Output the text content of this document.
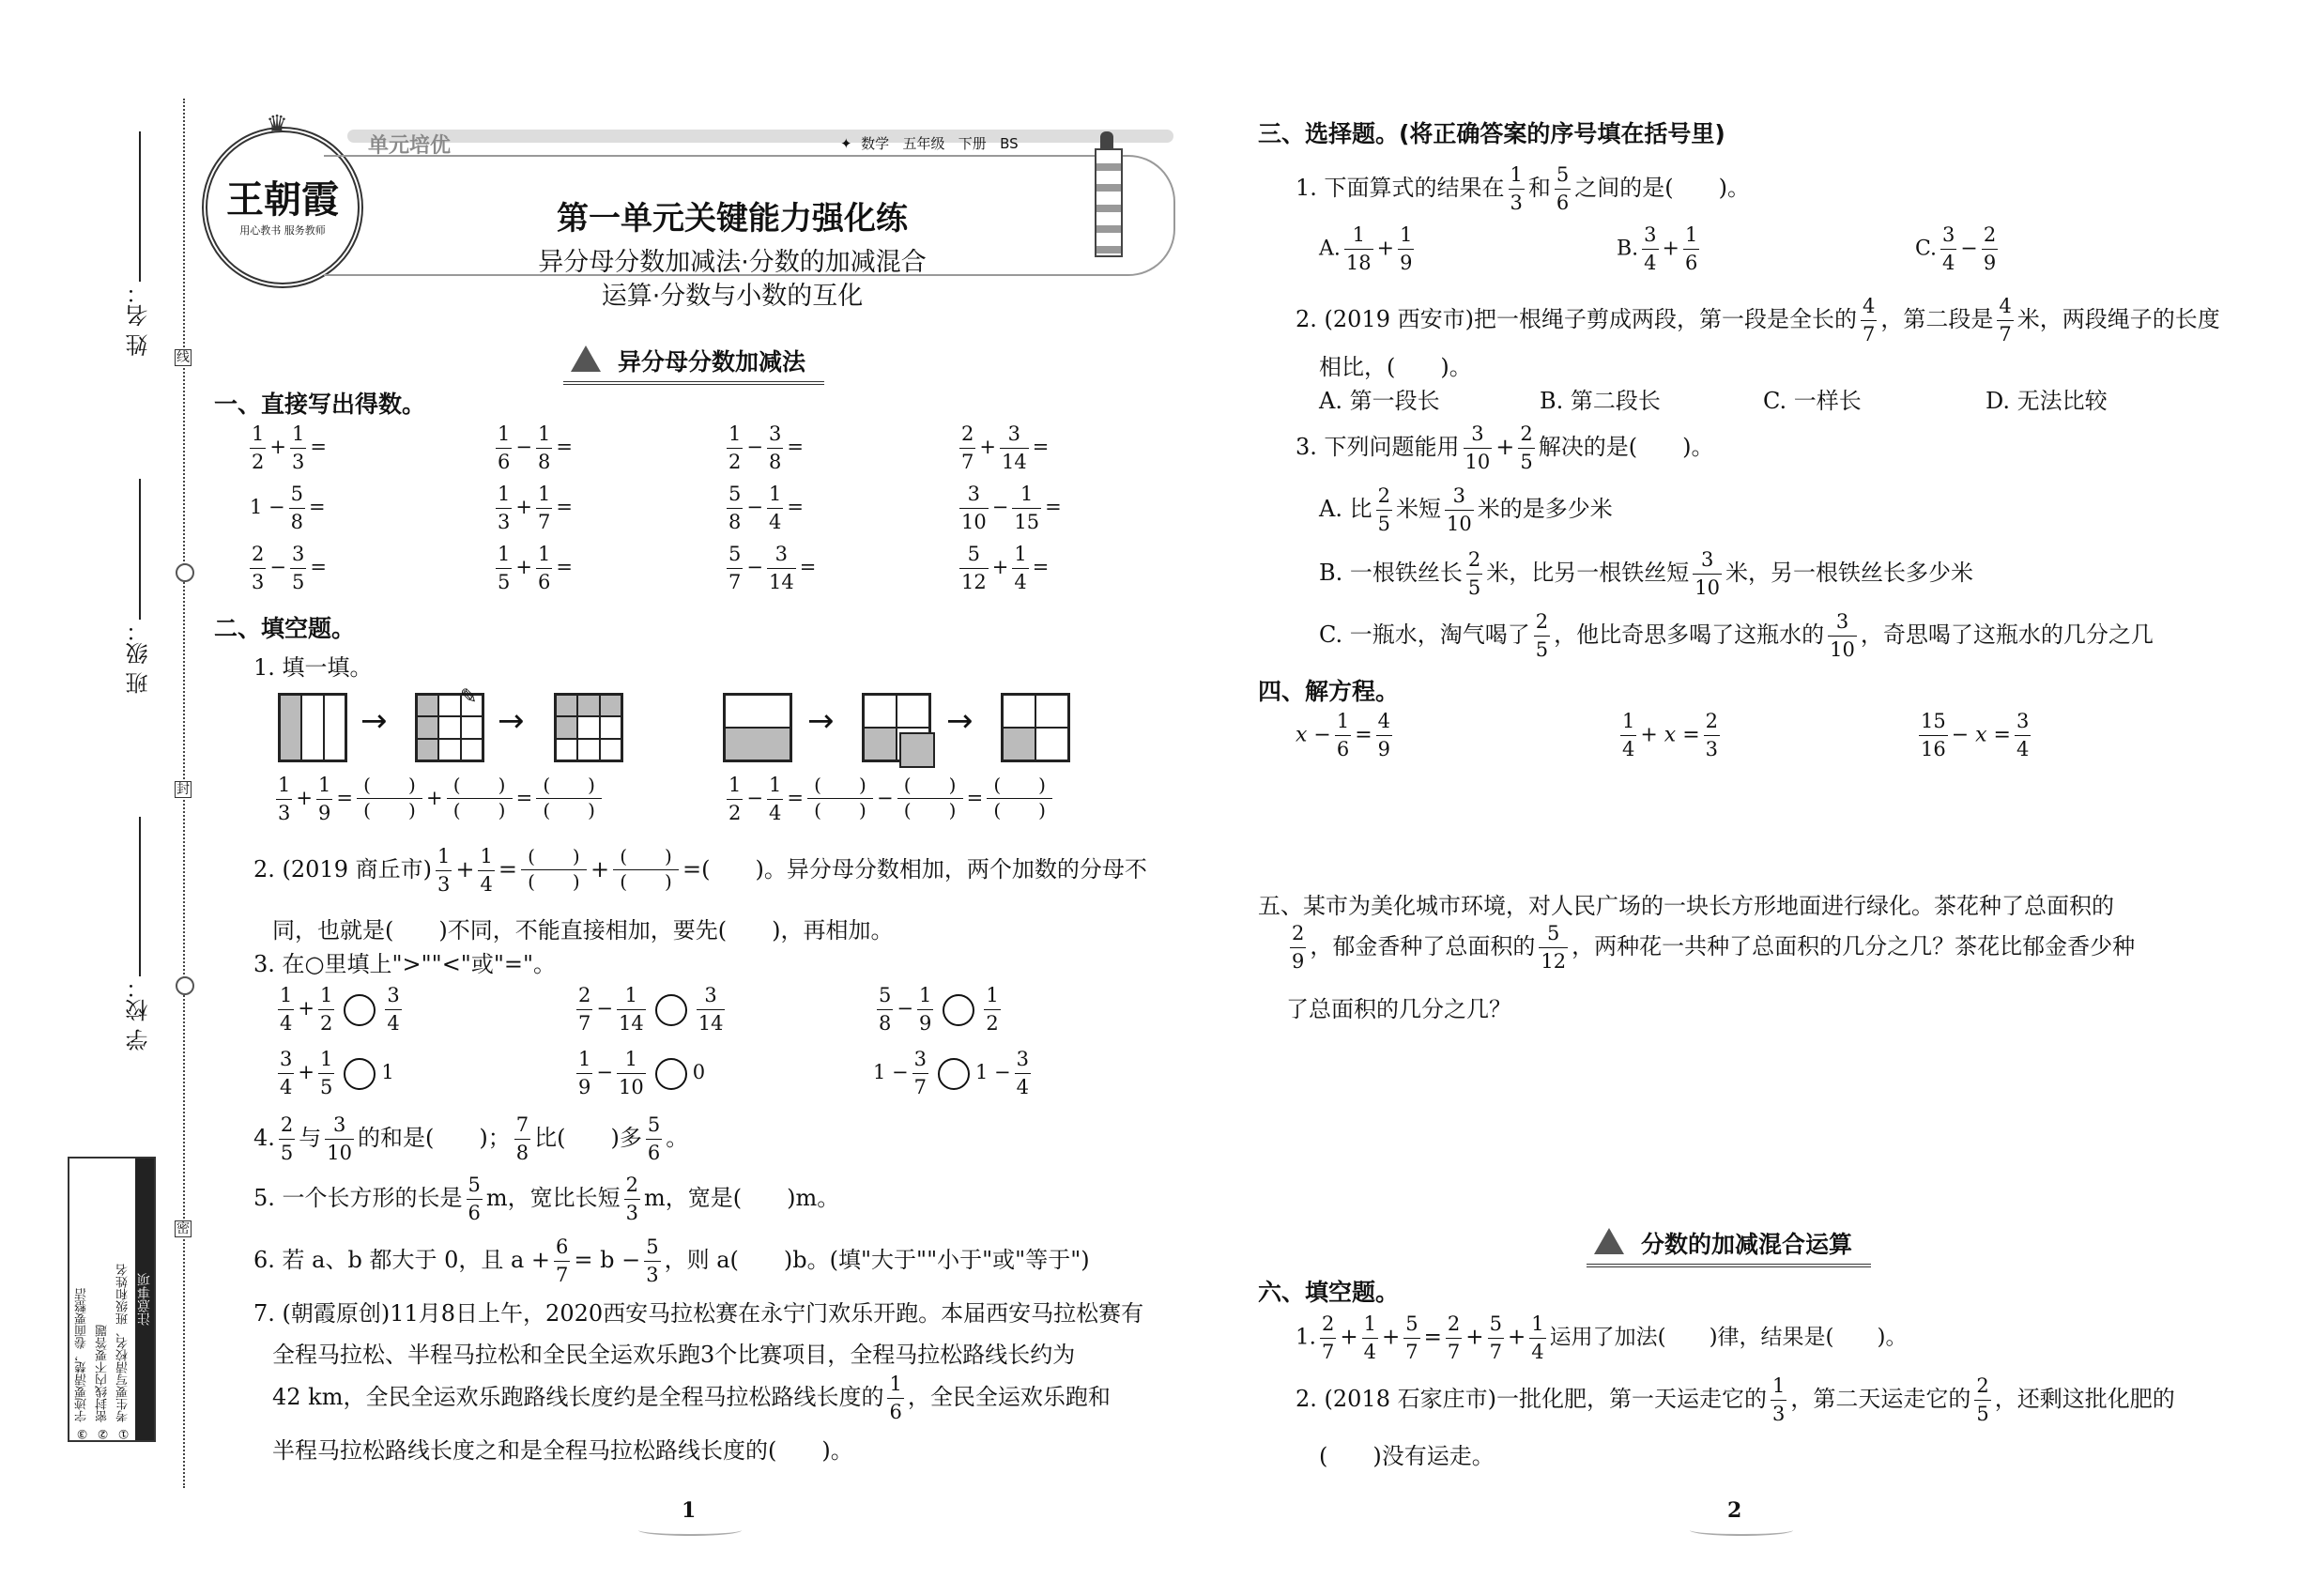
姓 名：
班 级：
学 校：
线
封
密
注意事项
① 考生要写清校名、班级和姓名
② 密封线内不要答题
③ 字迹要清楚，卷面要整洁
王朝霞
用心教书 服务教师
♛
单元培优	✦ 数学 五年级 下册 BS
第一单元关键能力强化练
异分母分数加减法·分数的加减混合
运算·分数与小数的互化
异分母分数加减法
一、直接写出得数。
$\frac{1}{2} + \frac{1}{3}$ =	$\frac{1}{6} - \frac{1}{8}$ =	$\frac{1}{2} - \frac{3}{8}$ =	$\frac{2}{7} + \frac{3}{14}$ =
$1 - \frac{5}{8}$ =	$\frac{1}{3} + \frac{1}{7}$ =	$\frac{5}{8} - \frac{1}{4}$ =	$\frac{3}{10} - \frac{1}{15}$ =
$\frac{2}{3} - \frac{3}{5}$ =	$\frac{1}{5} + \frac{1}{6}$ =	$\frac{5}{7} - \frac{3}{14}$ =	$\frac{5}{12} + \frac{1}{4}$ =
二、填空题。
1. 填一填。
→
✎
→	→	→
$\frac{1}{3} + \frac{1}{9}$ =
(　　)
(　　)
+
(　　)
(　　)
=
(　　)
(　　)	$\frac{1}{2} - \frac{1}{4}$ =
(　　)
(　　)
−
(　　)
(　　)
=
(　　)
(　　)
2. (2019 商丘市) $\frac{1}{3} + \frac{1}{4}$ = (　　)
(　　) + (　　)
(　　) =(　　)。异分母分数相加，两个加数的分母不
同，也就是(　　)不同，不能直接相加，要先(　　)，再相加。
3. 在○里填上">""<"或"="。
$\frac{1}{4} + \frac{1}{2}$	$\frac{3}{4}$	$\frac{2}{7} - \frac{1}{14}$	$\frac{3}{14}$	$\frac{5}{8} - \frac{1}{9}$	$\frac{1}{2}$
$\frac{3}{4} + \frac{1}{5} 1$	$\frac{1}{9} - \frac{1}{10} 0$	$1 - \frac{3}{7} 1 - \frac{3}{4}$
4. $\frac{2}{5}$ 与 $\frac{3}{10}$ 的和是(　　)； $\frac{7}{8}$ 比(　　)多 $\frac{5}{6}$ 。
5. 一个长方形的长是 $\frac{5}{6}$ m，宽比长短 $\frac{2}{3}$ m，宽是(　　)m。
6. 若 a、b 都大于 0，且 $a + \frac{6}{7} = b - \frac{5}{3}$ ，则 a(　　)b。(填"大于""小于"或"等于")
7. (朝霞原创)11月8日上午，2020西安马拉松赛在永宁门欢乐开跑。本届西安马拉松赛有
全程马拉松、半程马拉松和全民全运欢乐跑3个比赛项目，全程马拉松路线长约为
42 km，全民全运欢乐跑路线长度约是全程马拉松路线长度的 $\frac{1}{6}$ ，全民全运欢乐跑和
半程马拉松路线长度之和是全程马拉松路线长度的(　　)。
1
三、选择题。(将正确答案的序号填在括号里)
1. 下面算式的结果在 $\frac{1}{3}$ 和 $\frac{5}{6}$ 之间的是(　　)。
A. $\frac{1}{18} + \frac{1}{9}$	B. $\frac{3}{4} + \frac{1}{6}$	C. $\frac{3}{4} - \frac{2}{9}$
2. (2019 西安市)把一根绳子剪成两段，第一段是全长的 $\frac{4}{7}$ ，第二段是 $\frac{4}{7}$ 米，两段绳子的长度
相比，(　　)。
A. 第一段长	B. 第二段长	C. 一样长	D. 无法比较
3. 下列问题能用 $\frac{3}{10} + \frac{2}{5}$ 解决的是(　　)。
A. 比 $\frac{2}{5}$ 米短 $\frac{3}{10}$ 米的是多少米
B. 一根铁丝长 $\frac{2}{5}$ 米，比另一根铁丝短 $\frac{3}{10}$ 米，另一根铁丝长多少米
C. 一瓶水，淘气喝了 $\frac{2}{5}$ ，他比奇思多喝了这瓶水的 $\frac{3}{10}$ ，奇思喝了这瓶水的几分之几
四、解方程。
$x - \frac{1}{6} = \frac{4}{9}$	$\frac{1}{4} + x = \frac{2}{3}$	$\frac{15}{16} - x = \frac{3}{4}$
五、某市为美化城市环境，对人民广场的一块长方形地面进行绿化。茶花种了总面积的
$\frac{2}{9}$ ，郁金香种了总面积的 $\frac{5}{12}$ ，两种花一共种了总面积的几分之几？茶花比郁金香少种
了总面积的几分之几？
分数的加减混合运算
六、填空题。
1. $\frac{2}{7} + \frac{1}{4} + \frac{5}{7} = \frac{2}{7} + \frac{5}{7} + \frac{1}{4}$ 运用了加法(　　)律，结果是(　　)。
2. (2018 石家庄市)一批化肥，第一天运走它的 $\frac{1}{3}$ ，第二天运走它的 $\frac{2}{5}$ ，还剩这批化肥的
(　　)没有运走。
2
